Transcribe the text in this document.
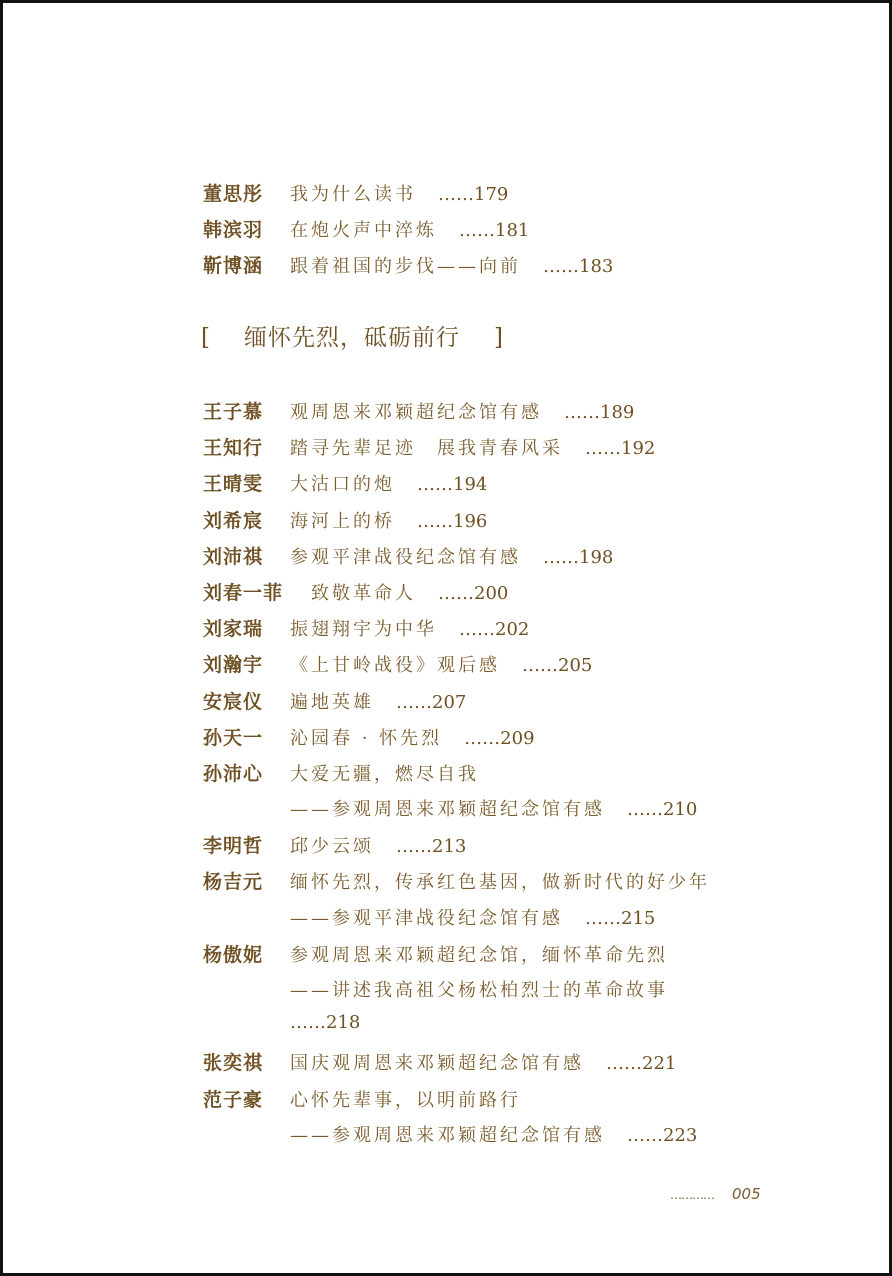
董思彤	我为什么读书 ……179
韩滨羽	在炮火声中淬炼 ……181
靳博涵	跟着祖国的步伐——向前 ……183
[ 缅怀先烈，砥砺前行 ]
王子慕	观周恩来邓颖超纪念馆有感 ……189
王知行	踏寻先辈足迹　展我青春风采 ……192
王晴雯	大沽口的炮 ……194
刘希宸	海河上的桥 ……196
刘沛祺	参观平津战役纪念馆有感 ……198
刘春一菲	致敬革命人 ……200
刘家瑞	振翅翔宇为中华 ……202
刘瀚宇	《上甘岭战役》观后感 ……205
安宸仪	遍地英雄 ……207
孙天一	沁园春 · 怀先烈 ……209
孙沛心	大爱无疆，燃尽自我
——参观周恩来邓颖超纪念馆有感 ……210
李明哲	邱少云颂 ……213
杨吉元	缅怀先烈，传承红色基因，做新时代的好少年
——参观平津战役纪念馆有感 ……215
杨傲妮	参观周恩来邓颖超纪念馆，缅怀革命先烈
——讲述我高祖父杨松柏烈士的革命故事
……218
张奕祺	国庆观周恩来邓颖超纪念馆有感 ……221
范子豪	心怀先辈事，以明前路行
——参观周恩来邓颖超纪念馆有感 ……223
………… 005
